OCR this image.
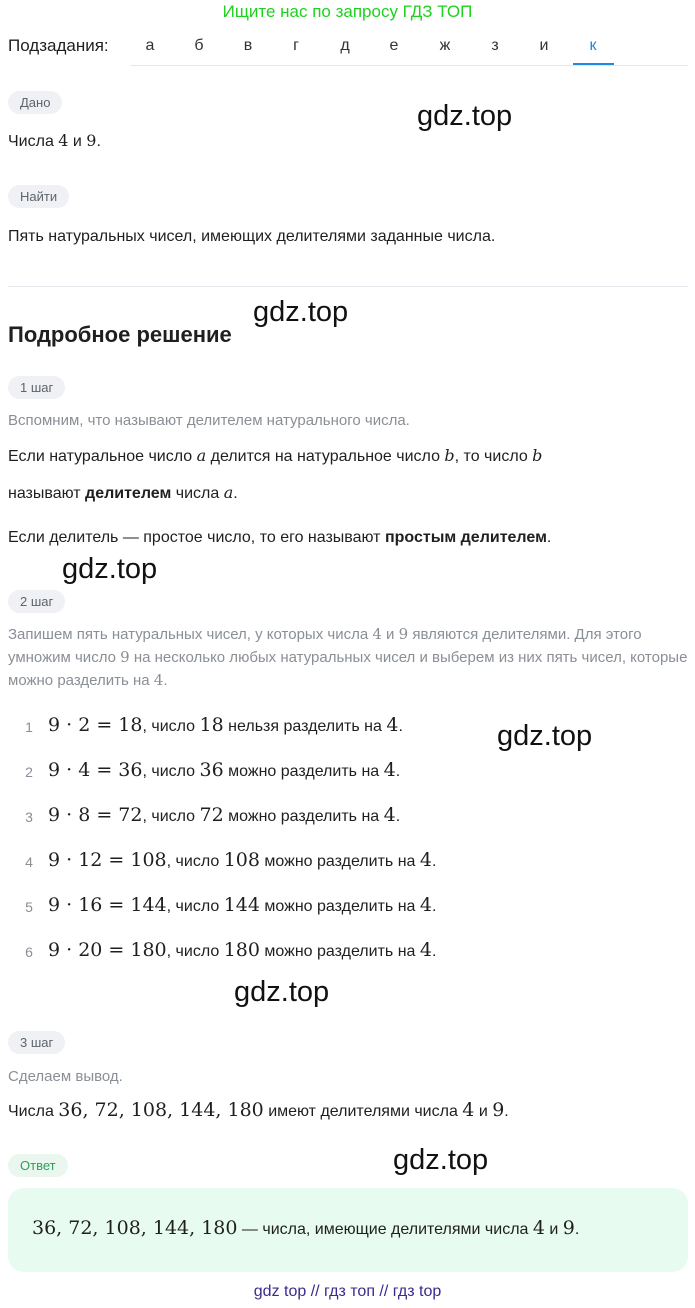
Ищите нас по запросу ГДЗ ТОП
Подзадания:	а	б	в	г	д	е	ж	з	и	к
Дано	gdz.top
Числа 4 и 9.
Найти
Пять натуральных чисел, имеющих делителями заданные числа.
gdz.top
Подробное решение
1 шаг
Вспомним, что называют делителем натурального числа.
Если натуральное число a делится на натуральное число b, то число b
называют делителем числа a.
Если делитель — простое число, то его называют простым делителем.
gdz.top
2 шаг
Запишем пять натуральных чисел, у которых числа 4 и 9 являются делителями. Для этого умножим число 9 на несколько любых натуральных чисел и выберем из них пять чисел, которые можно разделить на 4.
gdz.top
1 9 · 2 = 18, число 18 нельзя разделить на 4.
2 9 · 4 = 36, число 36 можно разделить на 4.
3 9 · 8 = 72, число 72 можно разделить на 4.
4 9 · 12 = 108, число 108 можно разделить на 4.
5 9 · 16 = 144, число 144 можно разделить на 4.
6 9 · 20 = 180, число 180 можно разделить на 4.
gdz.top
3 шаг
Сделаем вывод.
Числа 36, 72, 108, 144, 180 имеют делителями числа 4 и 9.
Ответ	gdz.top
36, 72, 108, 144, 180 — числа, имеющие делителями числа 4 и 9.
gdz top // гдз топ // гдз top
